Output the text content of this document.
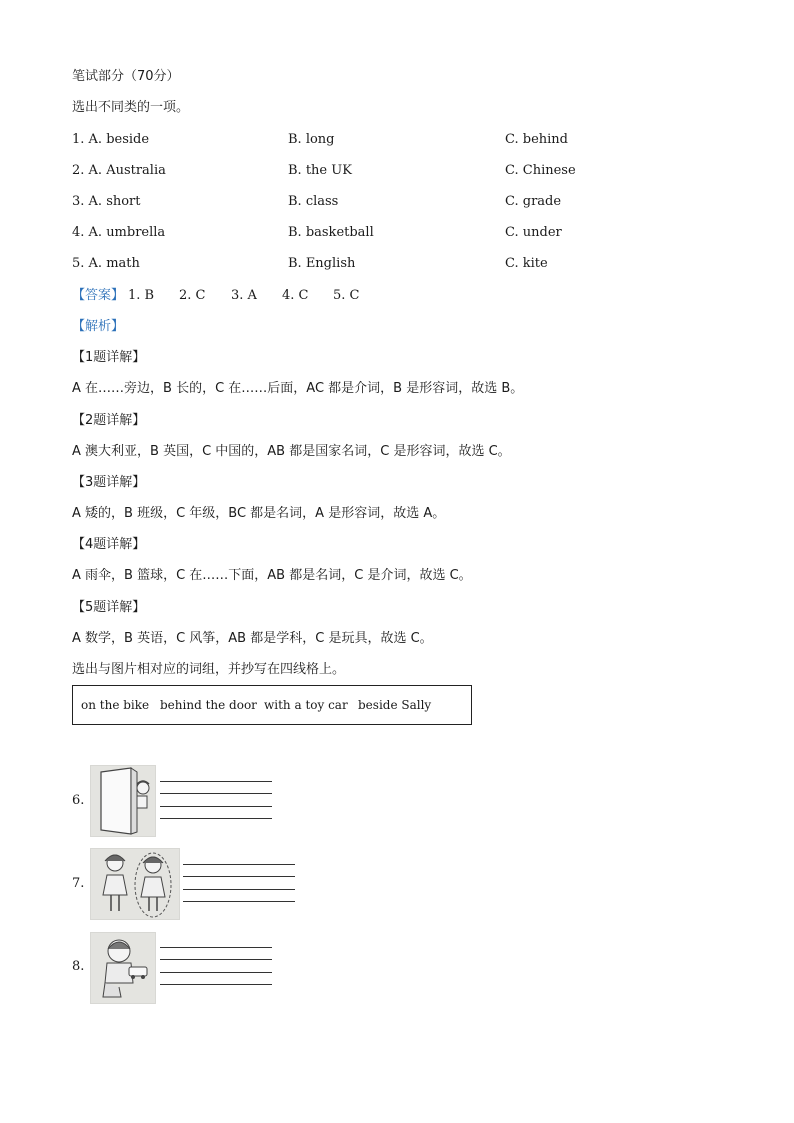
笔试部分（70分）
选出不同类的一项。
1. A. beside	B. long	C. behind
2. A. Australia	B. the UK	C. Chinese
3. A. short	B. class	C. grade
4. A. umbrella	B. basketball	C. under
5. A. math	B. English	C. kite
【答案】 1. B 2. C 3. A 4. C 5. C
【解析】
【1题详解】
A 在……旁边，B 长的，C 在……后面，AC 都是介词，B 是形容词，故选 B。
【2题详解】
A 澳大利亚，B 英国，C 中国的，AB 都是国家名词，C 是形容词，故选 C。
【3题详解】
A 矮的，B 班级，C 年级，BC 都是名词，A 是形容词，故选 A。
【4题详解】
A 雨伞，B 篮球，C 在……下面，AB 都是名词，C 是介词，故选 C。
【5题详解】
A 数学，B 英语，C 风筝，AB 都是学科，C 是玩具，故选 C。
选出与图片相对应的词组，并抄写在四线格上。
on the bike behind the door with a toy car beside Sally
6.
7.
8.
